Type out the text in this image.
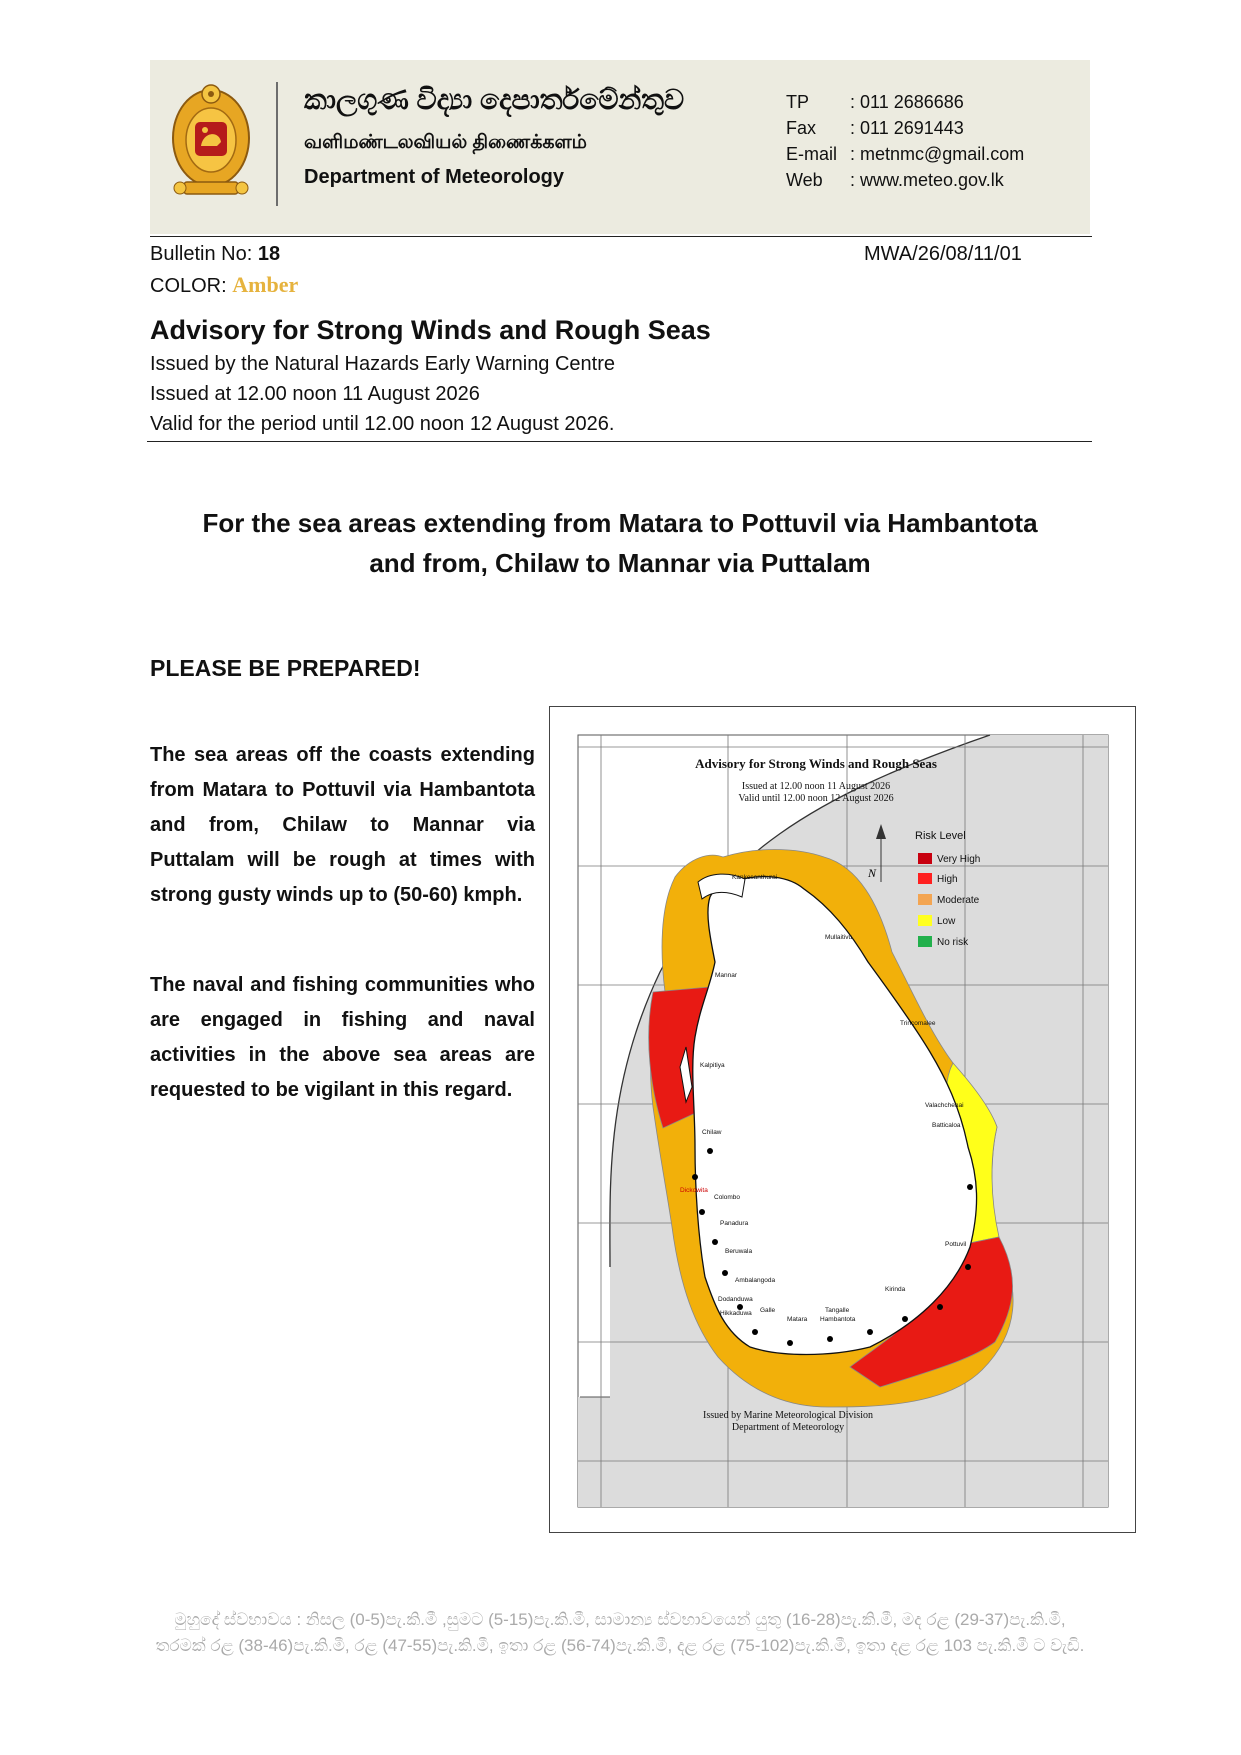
කාලගුණ විද්‍යා දෙපාර්තමේන්තුව
வளிமண்டலவியல் திணைக்களம்
Department of Meteorology
TP : 011 2686686
Fax : 011 2691443
E-mail : metnmc@gmail.com
Web : www.meteo.gov.lk
Bulletin No: 18	MWA/26/08/11/01
COLOR: Amber
Advisory for Strong Winds and Rough Seas
Issued by the Natural Hazards Early Warning Centre
Issued at 12.00 noon 11 August 2026
Valid for the period until 12.00 noon 12 August 2026.
For the sea areas extending from Matara to Pottuvil via Hambantota and from, Chilaw to Mannar via Puttalam
PLEASE BE PREPARED!
The sea areas off the coasts extending from Matara to Pottuvil via Hambantota and from, Chilaw to Mannar via Puttalam will be rough at times with strong gusty winds up to (50-60) kmph.
The naval and fishing communities who are engaged in fishing and naval activities in the above sea areas are requested to be vigilant in this regard.
Advisory for Strong Winds and Rough Seas
Issued at 12.00 noon 11 August 2026
Valid until 12.00 noon 12 August 2026
Issued by Marine Meteorological Division
Department of Meteorology
N
Risk Level
Very High
High
Moderate
Low
No risk
Kankesanthurai
Mullaitivu
Mannar
Trincomalee
Kalpitiya
Batticaloa
Chilaw
Pottuvil
Colombo
Panadura
Beruwala
Ambalangoda
Galle
Matara
Tangalle
Hambantota
Kirinda
Dodanduwa
Hikkaduwa
Valachchenai
Dickowita
මුහුදේ ස්වභාවය : නිසල (0-5)පැ.කි.මී ,සුමට (5-15)පැ.කි.මී, සාමාන්‍ය ස්වභාවයෙන් යුතු (16-28)පැ.කි.මී, මද රළ (29-37)පැ.කි.මී, තරමක් රළ (38-46)පැ.කි.මී, රළ (47-55)පැ.කි.මී, ඉතා රළ (56-74)පැ.කි.මී, දළ රළ (75-102)පැ.කි.මී, ඉතා දළ රළ 103 පැ.කි.මී ට වැඩි.
